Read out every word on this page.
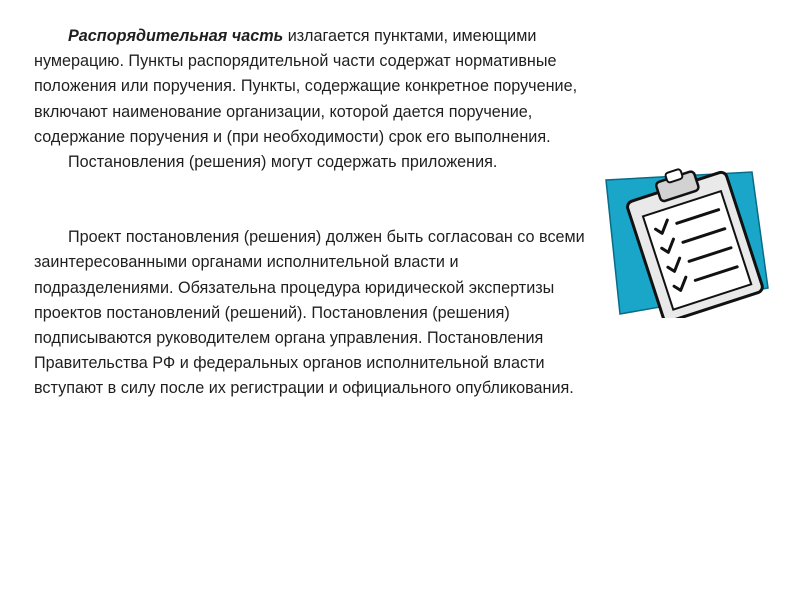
Распорядительная часть излагается пунктами, имеющими нумерацию. Пункты распорядительной части содержат нормативные положения или поручения. Пункты, содержащие конкретное поручение, включают наименование организации, которой дается поручение, содержание поручения и (при необходимости) срок его выполнения.

Постановления (решения) могут содержать приложения.

Проект постановления (решения) должен быть согласован со всеми заинтересованными органами исполнительной власти и подразделениями. Обязательна процедура юридической экспертизы проектов постановлений (решений). Постановления (решения) подписываются руководителем органа управления. Постановления Правительства РФ и федеральных органов исполнительной власти вступают в силу после их регистрации и официального опубликования.
